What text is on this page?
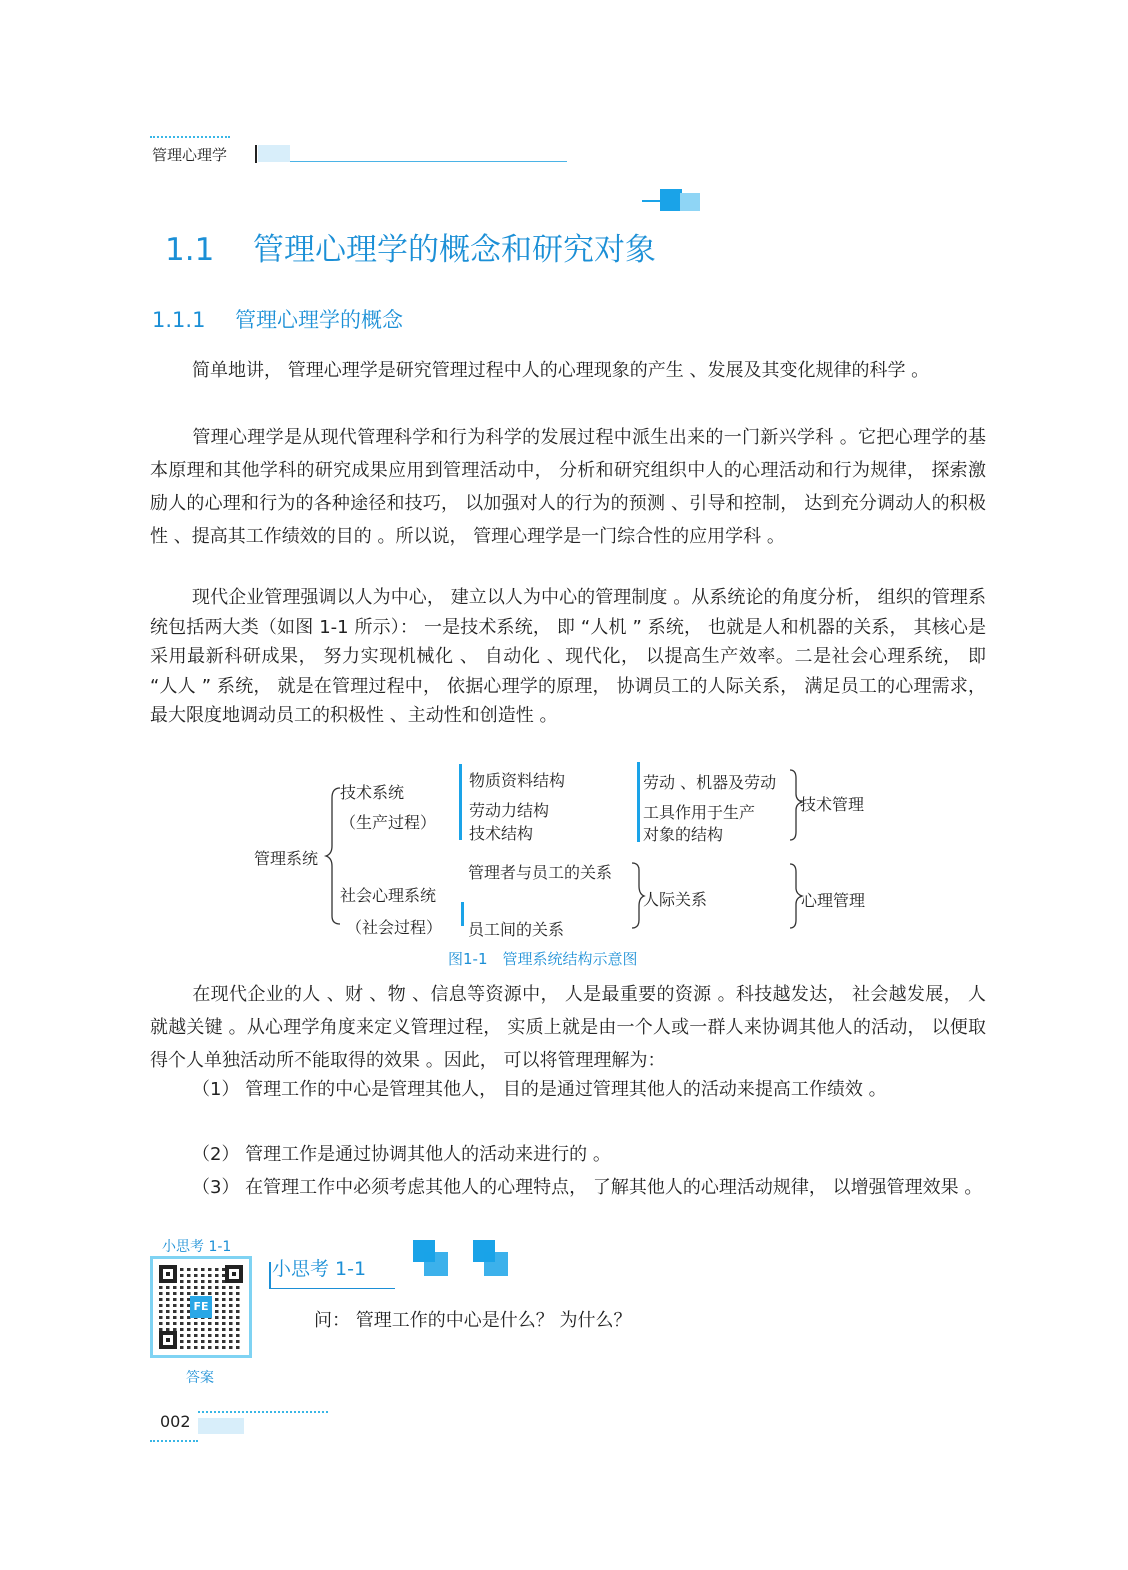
管理心理学
1.1 管理心理学的概念和研究对象
1.1.1 管理心理学的概念
简单地讲， 管理心理学是研究管理过程中人的心理现象的产生 、发展及其变化规律的科学 。
管理心理学是从现代管理科学和行为科学的发展过程中派生出来的一门新兴学科 。它把心理学的基本原理和其他学科的研究成果应用到管理活动中， 分析和研究组织中人的心理活动和行为规律， 探索激励人的心理和行为的各种途径和技巧， 以加强对人的行为的预测 、引导和控制， 达到充分调动人的积极性 、提高其工作绩效的目的 。所以说， 管理心理学是一门综合性的应用学科 。
现代企业管理强调以人为中心， 建立以人为中心的管理制度 。从系统论的角度分析， 组织的管理系统包括两大类（如图 1-1 所示）： 一是技术系统， 即 “人机 ” 系统， 也就是人和机器的关系， 其核心是采用最新科研成果， 努力实现机械化 、 自动化 、现代化， 以提高生产效率。二是社会心理系统， 即 “人人 ” 系统， 就是在管理过程中， 依据心理学的原理， 协调员工的人际关系， 满足员工的心理需求， 最大限度地调动员工的积极性 、主动性和创造性 。
管理系统
技术系统
（生产过程）
社会心理系统
（社会过程）
物质资料结构
劳动力结构
技术结构
劳动 、机器及劳动
工具作用于生产
对象的结构
技术管理
管理者与员工的关系
员工间的关系
人际关系	心理管理
图1-1　管理系统结构示意图
在现代企业的人 、财 、物 、信息等资源中， 人是最重要的资源 。科技越发达， 社会越发展， 人就越关键 。从心理学角度来定义管理过程， 实质上就是由一个人或一群人来协调其他人的活动， 以便取得个人单独活动所不能取得的效果 。因此， 可以将管理理解为：
（1） 管理工作的中心是管理其他人， 目的是通过管理其他人的活动来提高工作绩效 。
（2） 管理工作是通过协调其他人的活动来进行的 。
（3） 在管理工作中必须考虑其他人的心理特点， 了解其他人的心理活动规律， 以增强管理效果 。
小思考 1-1
FE
答案
小思考 1-1
问： 管理工作的中心是什么？ 为什么？
002
